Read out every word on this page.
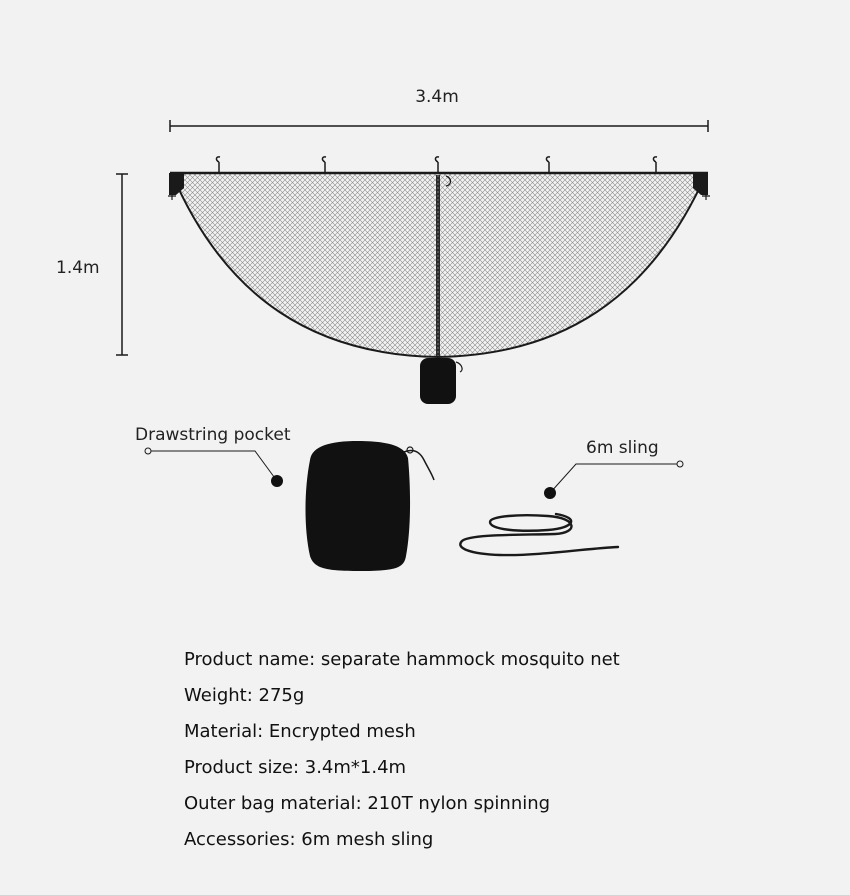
3.4m
1.4m
Drawstring pocket
6m sling
Product name: separate hammock mosquito net
Weight: 275g
Material: Encrypted mesh
Product size: 3.4m*1.4m
Outer bag material: 210T nylon spinning
Accessories: 6m mesh sling
